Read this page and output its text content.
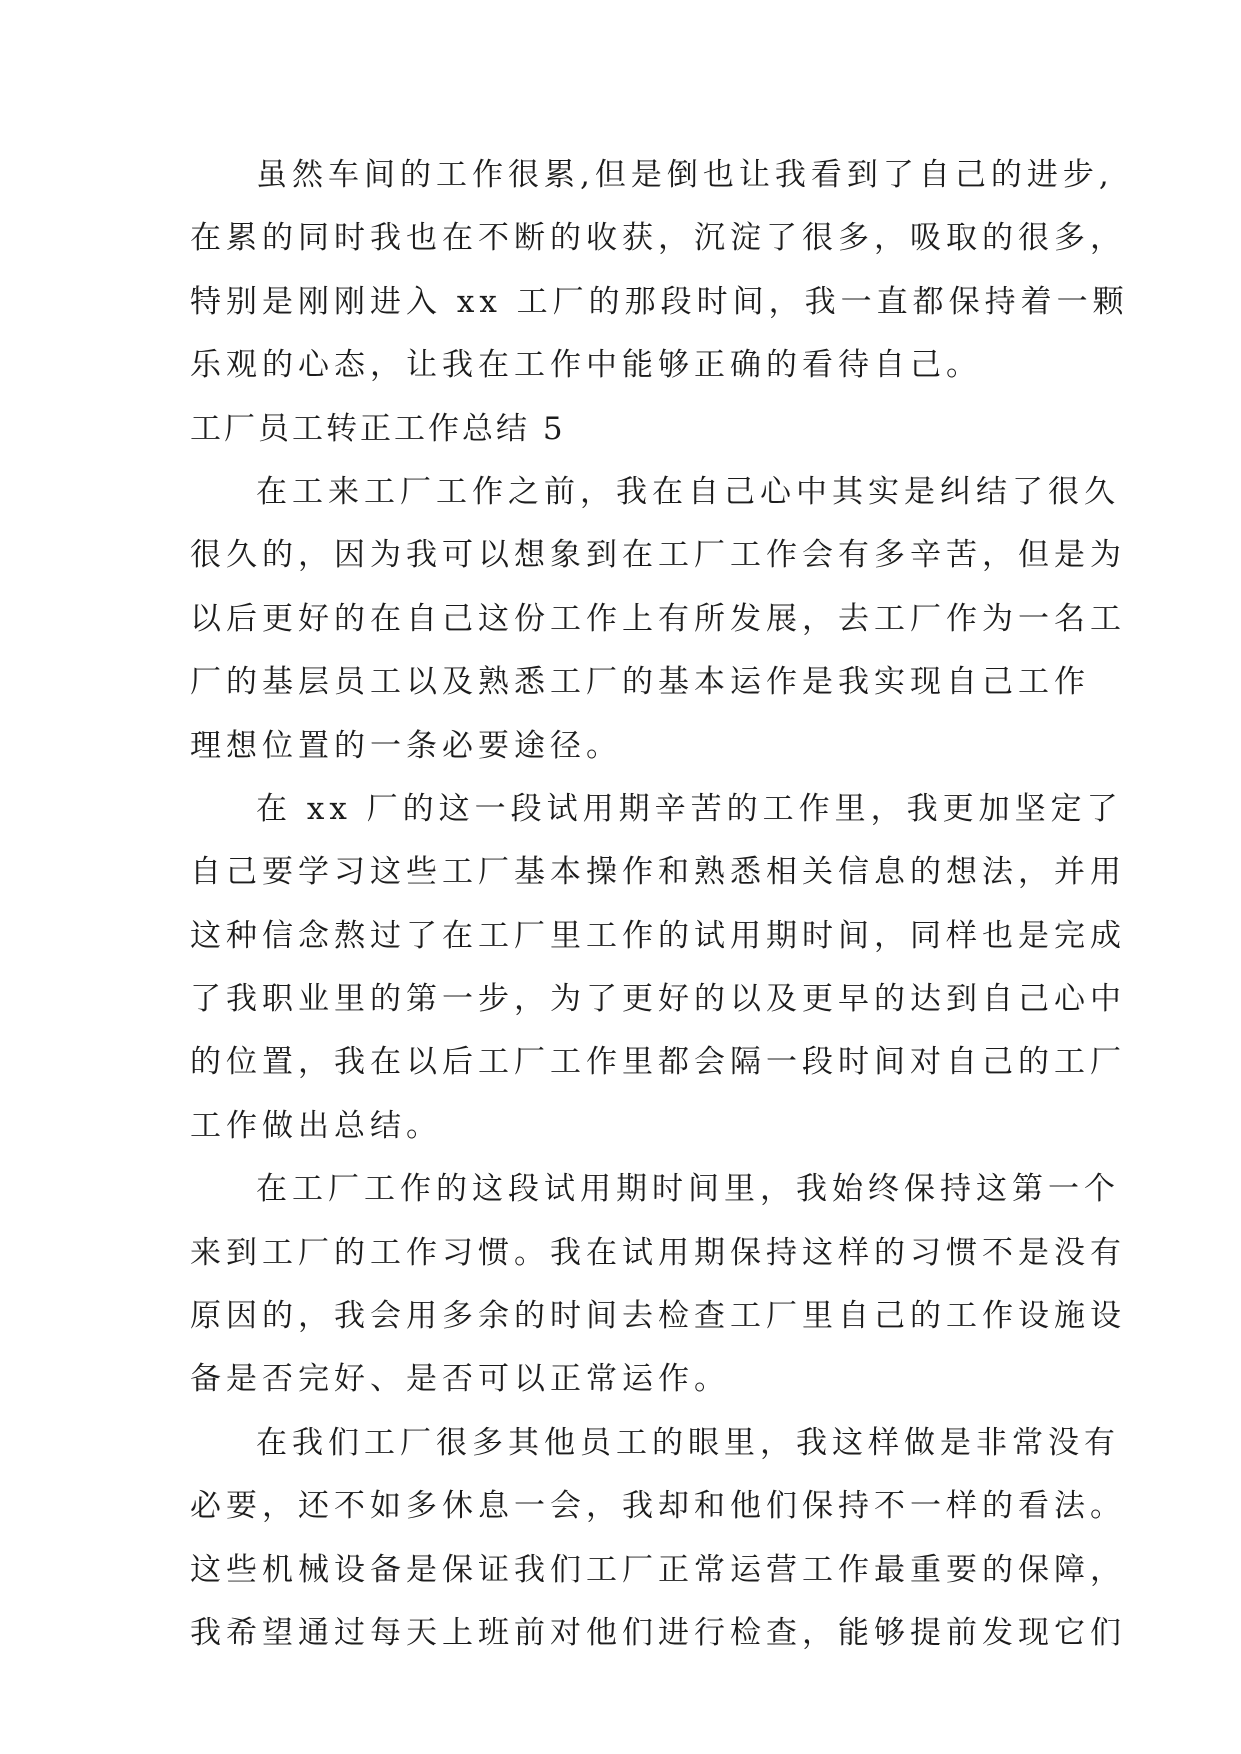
虽然车间的工作很累,但是倒也让我看到了自己的进步,
在累的同时我也在不断的收获，沉淀了很多，吸取的很多，
特别是刚刚进入 xx 工厂的那段时间，我一直都保持着一颗
乐观的心态，让我在工作中能够正确的看待自己。
工厂员工转正工作总结 5
在工来工厂工作之前，我在自己心中其实是纠结了很久
很久的，因为我可以想象到在工厂工作会有多辛苦，但是为
以后更好的在自己这份工作上有所发展，去工厂作为一名工
厂的基层员工以及熟悉工厂的基本运作是我实现自己工作
理想位置的一条必要途径。
在 xx 厂的这一段试用期辛苦的工作里，我更加坚定了
自己要学习这些工厂基本操作和熟悉相关信息的想法，并用
这种信念熬过了在工厂里工作的试用期时间，同样也是完成
了我职业里的第一步，为了更好的以及更早的达到自己心中
的位置，我在以后工厂工作里都会隔一段时间对自己的工厂
工作做出总结。
在工厂工作的这段试用期时间里，我始终保持这第一个
来到工厂的工作习惯。我在试用期保持这样的习惯不是没有
原因的，我会用多余的时间去检查工厂里自己的工作设施设
备是否完好、是否可以正常运作。
在我们工厂很多其他员工的眼里，我这样做是非常没有
必要，还不如多休息一会，我却和他们保持不一样的看法。
这些机械设备是保证我们工厂正常运营工作最重要的保障，
我希望通过每天上班前对他们进行检查，能够提前发现它们
